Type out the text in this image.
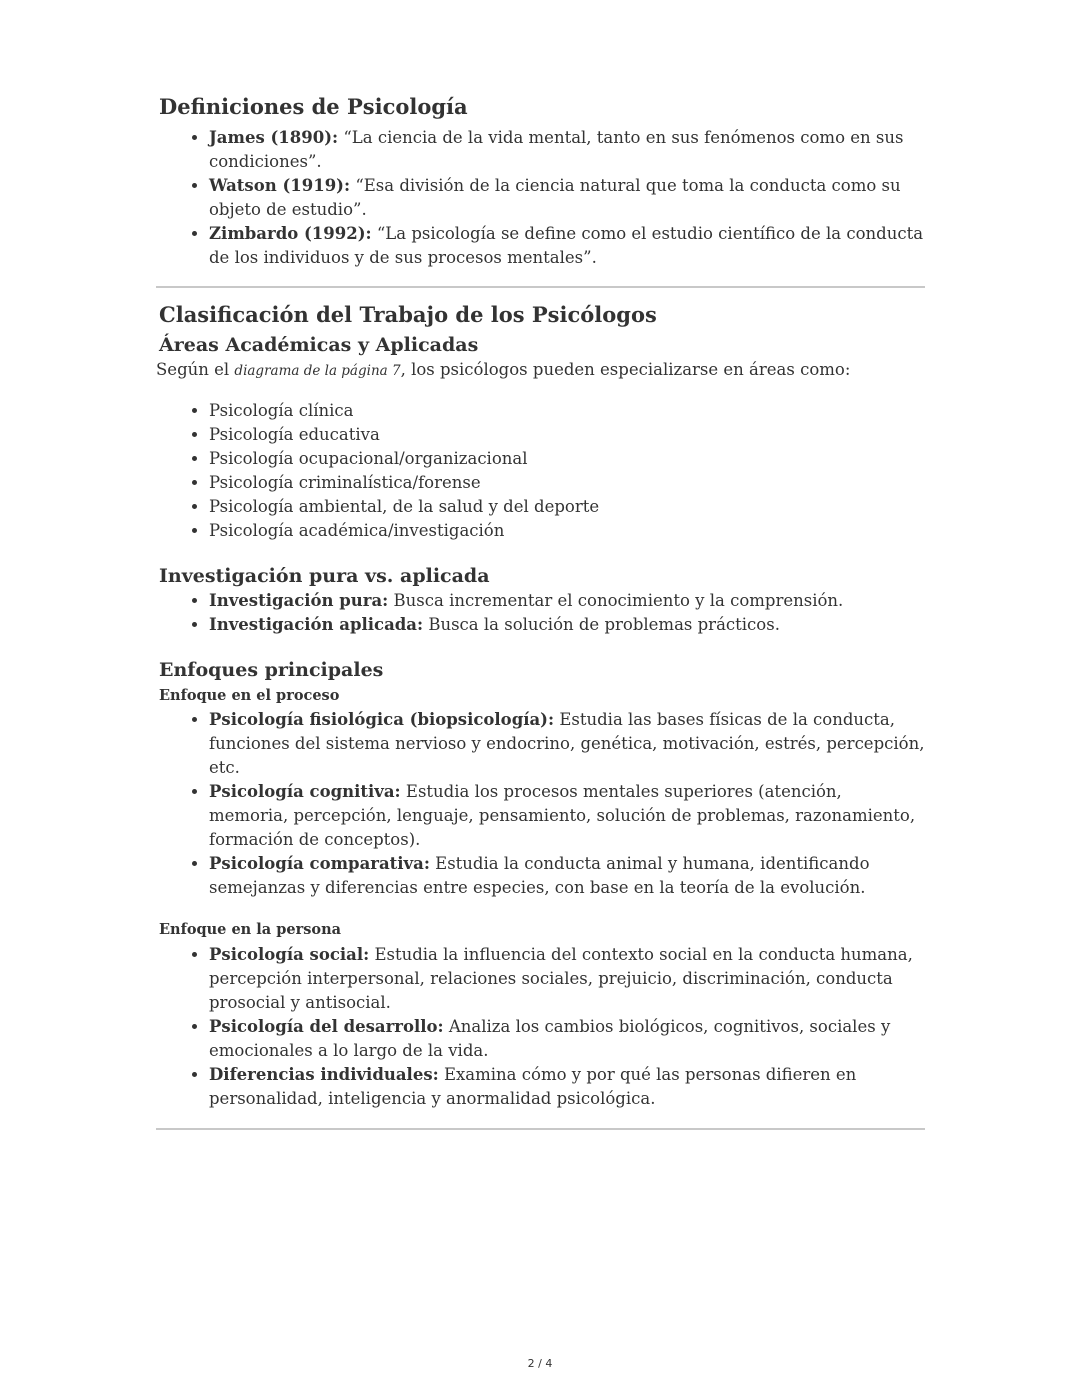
Definiciones de Psicología
• James (1890): “La ciencia de la vida mental, tanto en sus fenómenos como en sus condiciones”.
• Watson (1919): “Esa división de la ciencia natural que toma la conducta como su objeto de estudio”.
• Zimbardo (1992): “La psicología se define como el estudio científico de la conducta de los individuos y de sus procesos mentales”.
Clasificación del Trabajo de los Psicólogos
Áreas Académicas y Aplicadas

Según el diagrama de la página 7, los psicólogos pueden especializarse en áreas como:

• Psicología clínica
• Psicología educativa
• Psicología ocupacional/organizacional
• Psicología criminalística/forense
• Psicología ambiental, de la salud y del deporte
• Psicología académica/investigación
Investigación pura vs. aplicada
• Investigación pura: Busca incrementar el conocimiento y la comprensión.
• Investigación aplicada: Busca la solución de problemas prácticos.
Enfoques principales
Enfoque en el proceso
• Psicología fisiológica (biopsicología): Estudia las bases físicas de la conducta, funciones del sistema nervioso y endocrino, genética, motivación, estrés, percepción, etc.
• Psicología cognitiva: Estudia los procesos mentales superiores (atención, memoria, percepción, lenguaje, pensamiento, solución de problemas, razonamiento, formación de conceptos).
• Psicología comparativa: Estudia la conducta animal y humana, identificando semejanzas y diferencias entre especies, con base en la teoría de la evolución.
Enfoque en la persona
• Psicología social: Estudia la influencia del contexto social en la conducta humana, percepción interpersonal, relaciones sociales, prejuicio, discriminación, conducta prosocial y antisocial.
• Psicología del desarrollo: Analiza los cambios biológicos, cognitivos, sociales y emocionales a lo largo de la vida.
• Diferencias individuales: Examina cómo y por qué las personas difieren en personalidad, inteligencia y anormalidad psicológica.
2 / 4
